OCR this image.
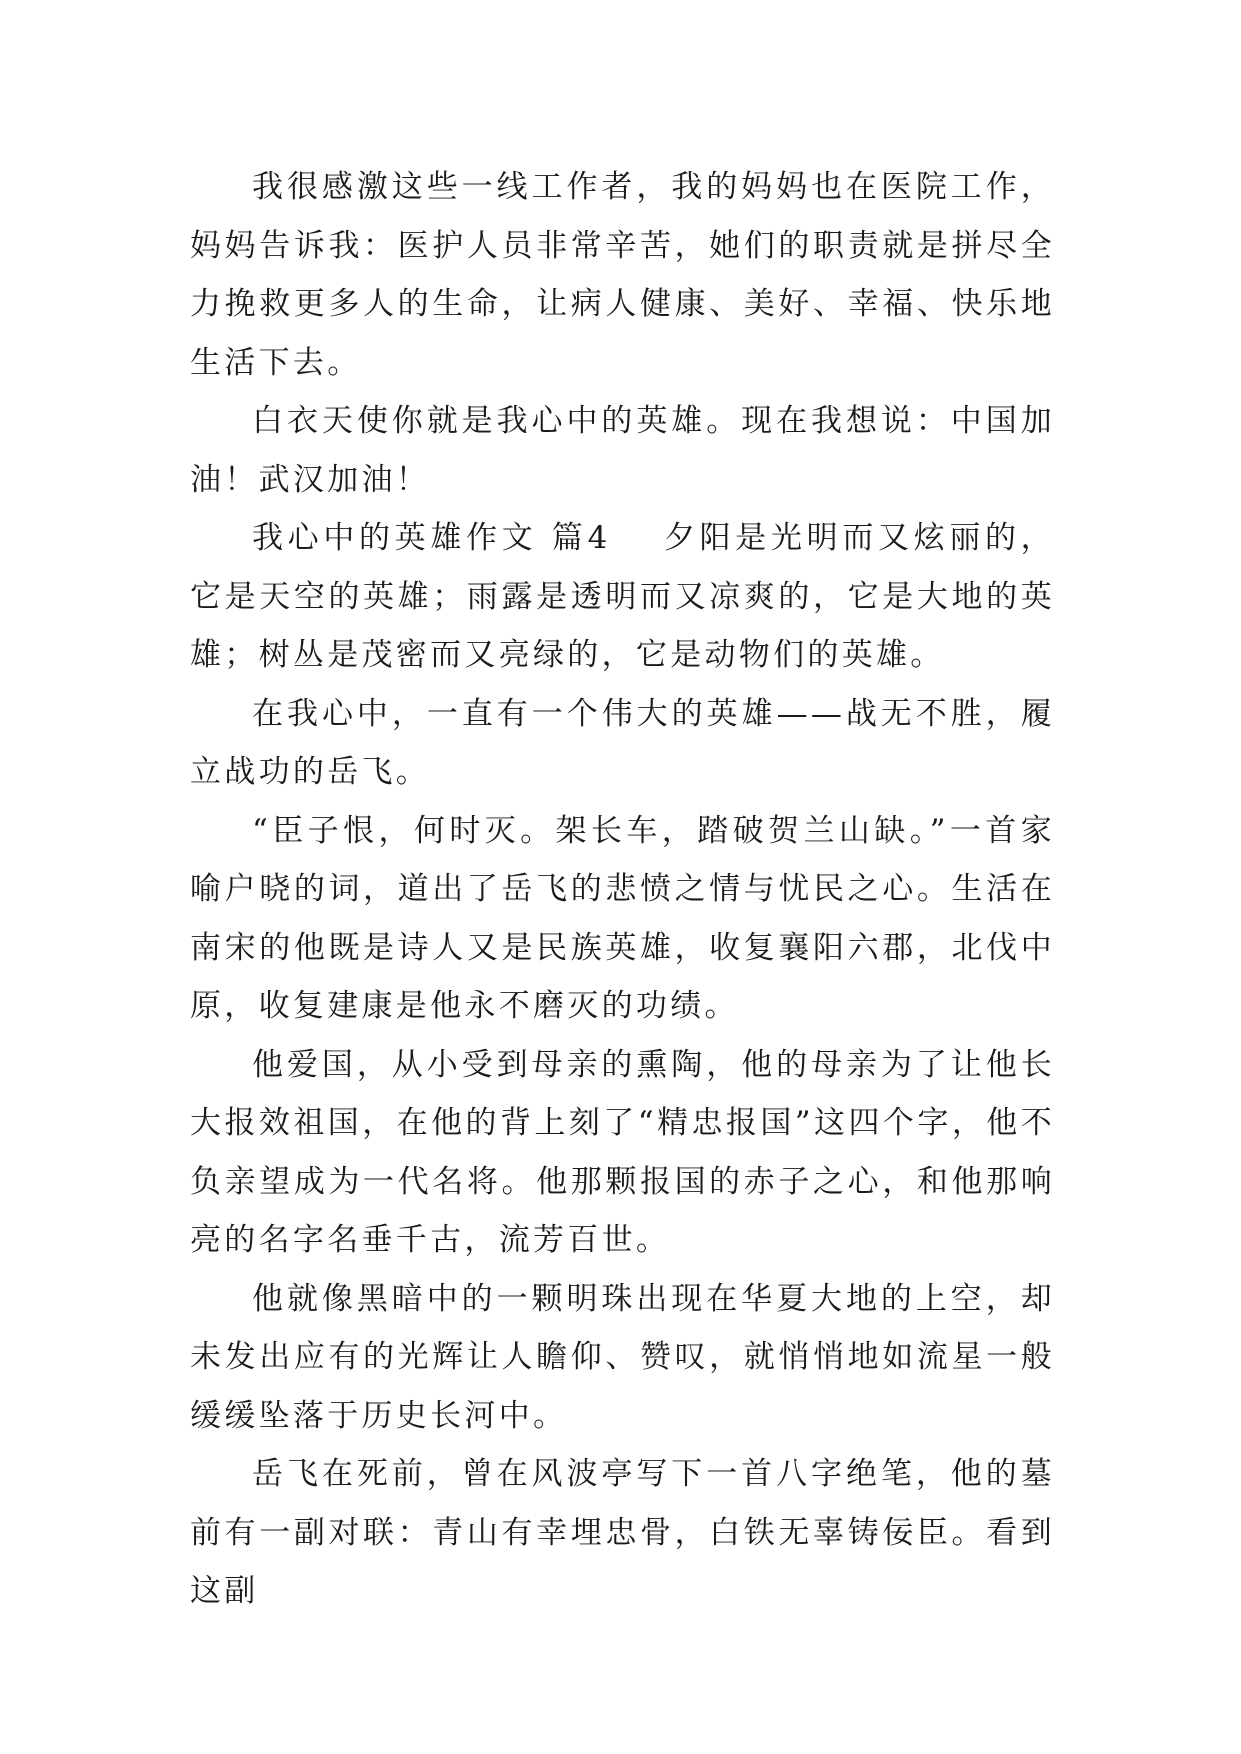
我很感激这些一线工作者，我的妈妈也在医院工作，妈妈告诉我：医护人员非常辛苦，她们的职责就是拼尽全力挽救更多人的生命，让病人健康、美好、幸福、快乐地生活下去。

白衣天使你就是我心中的英雄。现在我想说：中国加油！武汉加油！

我心中的英雄作文 篇4 夕阳是光明而又炫丽的，它是天空的英雄；雨露是透明而又凉爽的，它是大地的英雄；树丛是茂密而又亮绿的，它是动物们的英雄。

在我心中，一直有一个伟大的英雄——战无不胜，履立战功的岳飞。

“臣子恨，何时灭。架长车，踏破贺兰山缺。”一首家喻户晓的词，道出了岳飞的悲愤之情与忧民之心。生活在南宋的他既是诗人又是民族英雄，收复襄阳六郡，北伐中原，收复建康是他永不磨灭的功绩。

他爱国，从小受到母亲的熏陶，他的母亲为了让他长大报效祖国，在他的背上刻了“精忠报国”这四个字，他不负亲望成为一代名将。他那颗报国的赤子之心，和他那响亮的名字名垂千古，流芳百世。

他就像黑暗中的一颗明珠出现在华夏大地的上空，却未发出应有的光辉让人瞻仰、赞叹，就悄悄地如流星一般缓缓坠落于历史长河中。

岳飞在死前，曾在风波亭写下一首八字绝笔，他的墓前有一副对联：青山有幸埋忠骨，白铁无辜铸佞臣。看到这副
